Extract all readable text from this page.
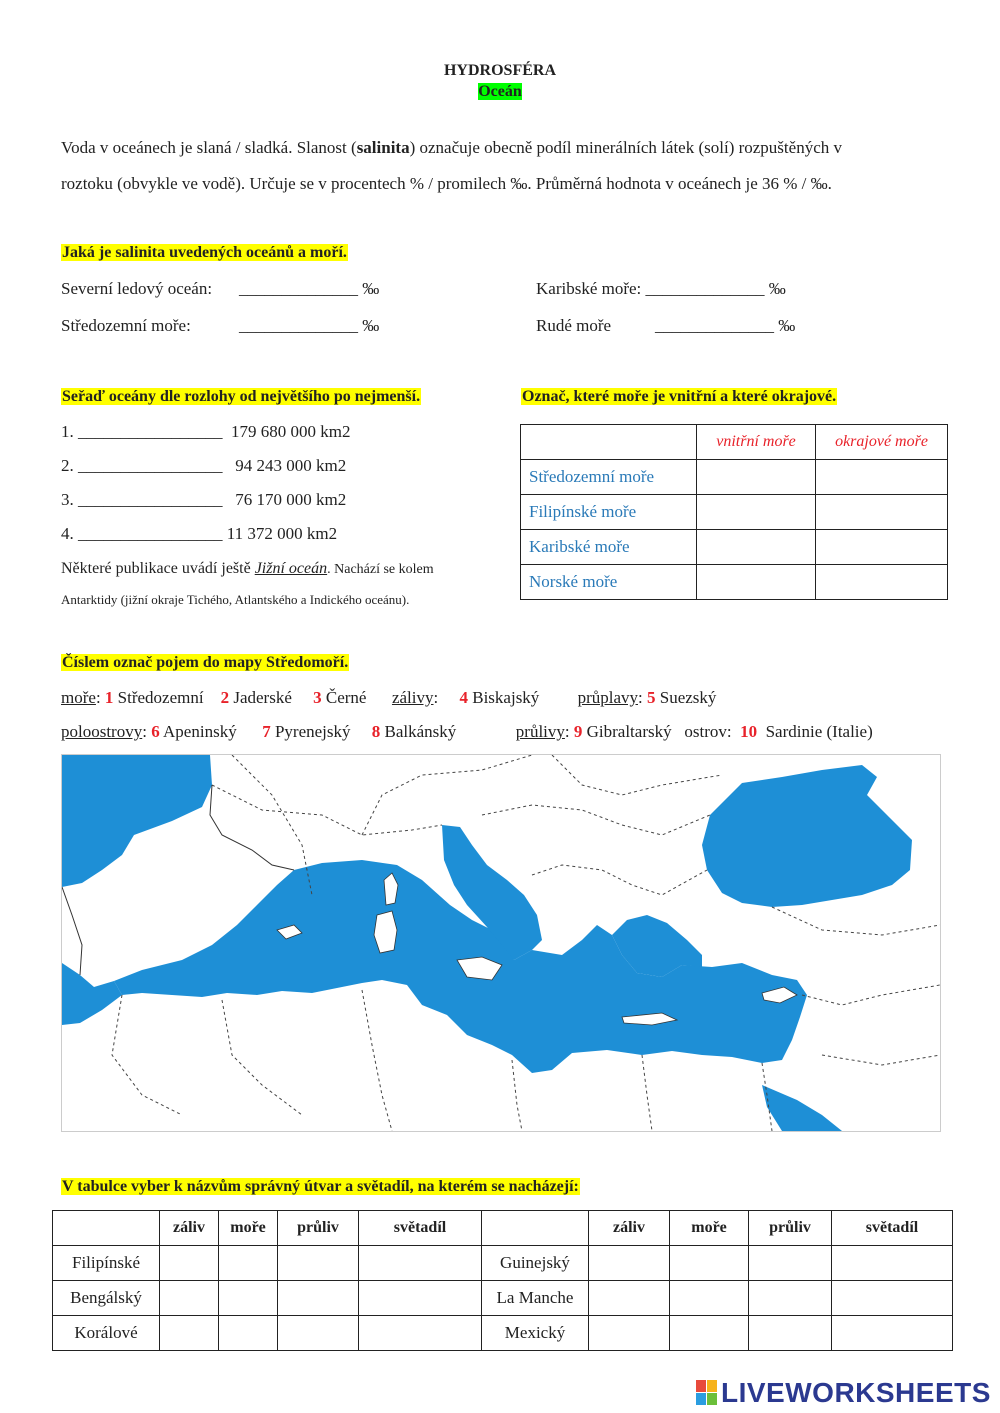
HYDROSFÉRA
Oceán
Voda v oceánech je slaná / sladká. Slanost (salinita) označuje obecně podíl minerálních látek (solí) rozpuštěných v
roztoku (obvykle ve vodě). Určuje se v procentech % / promilech ‰. Průměrná hodnota v oceánech je 36 % / ‰.
Jaká je salinita uvedených oceánů a moří.
Severní ledový oceán: ______________ ‰
Středozemní moře:	______________ ‰
Karibské moře: ______________ ‰
Rudé moře	______________ ‰
Seřaď oceány dle rozlohy od největšího po nejmenší.
1. _________________ 179 680 000 km2
2. _________________ 94 243 000 km2
3. _________________ 76 170 000 km2
4. _________________ 11 372 000 km2
Některé publikace uvádí ještě Jižní oceán. Nachází se kolem
Antarktidy (jižní okraje Tichého, Atlantského a Indického oceánu).
Označ, které moře je vnitřní a které okrajové.
	vnitřní moře	okrajové moře
Středozemní moře		
Filipínské moře		
Karibské moře		
Norské moře		
Číslem označ pojem do mapy Středomoří.
moře: 1 Středozemní 2 Jaderské 3 Černé zálivy:     4 Biskajský průplavy: 5 Suezský
poloostrovy: 6 Apeninský 7 Pyrenejský 8 Balkánský	průlivy: 9 Gibraltarský ostrov: 10 Sardinie (Italie)
V tabulce vyber k názvům správný útvar a světadíl, na kterém se nacházejí:
	záliv	moře	průliv	světadíl		záliv	moře	průliv	světadíl
Filipínské					Guinejský				
Bengálský					La Manche				
Korálové					Mexický				
LIVEWORKSHEETS
